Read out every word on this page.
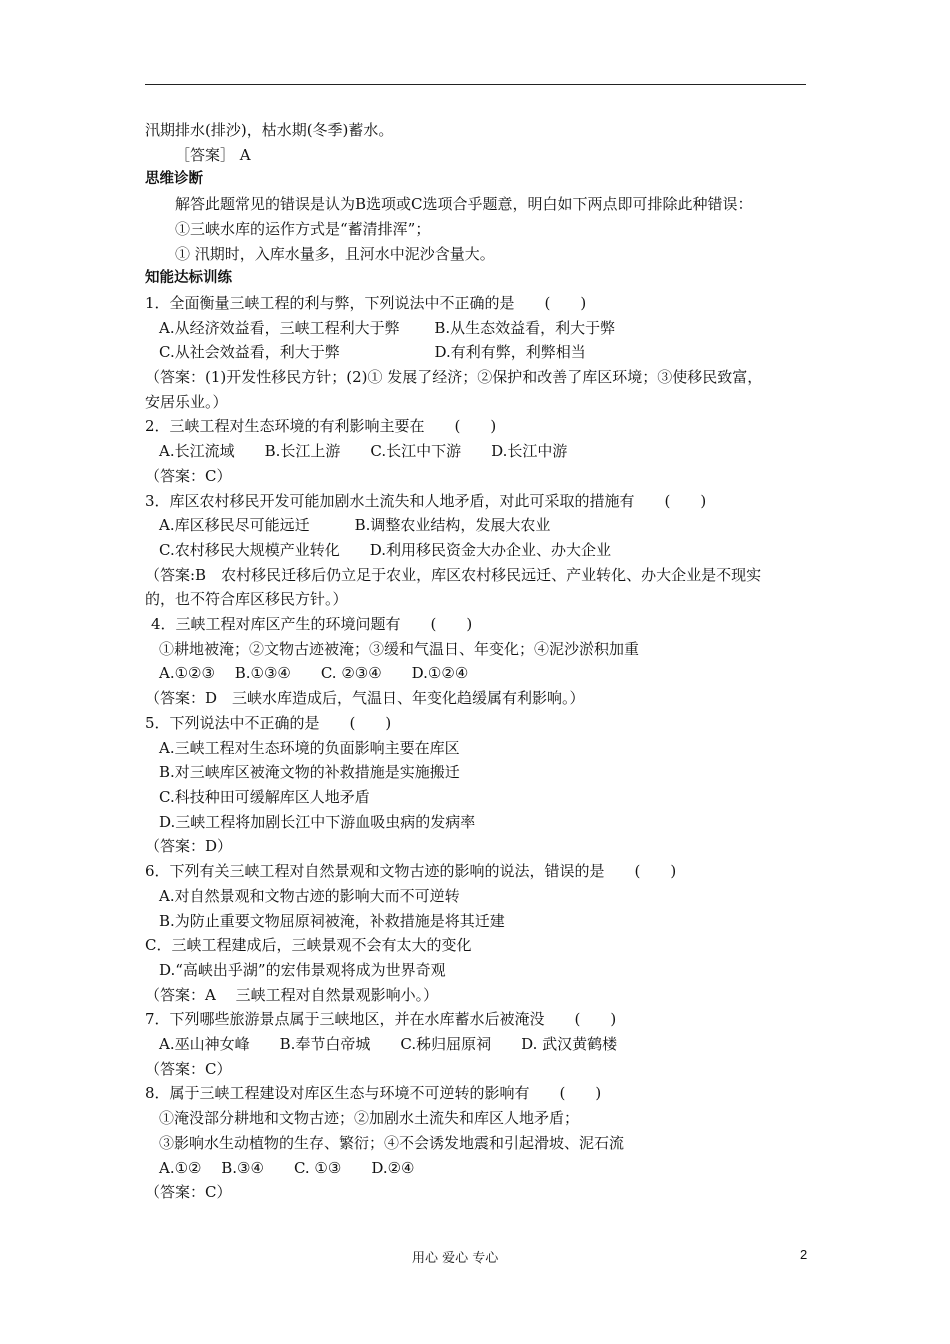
汛期排水(排沙)，枯水期(冬季)蓄水。
［答案］ A
思维诊断
解答此题常见的错误是认为B选项或C选项合乎题意，明白如下两点即可排除此种错误：
①三峡水库的运作方式是“蓄清排浑”；
① 汛期时，入库水量多，且河水中泥沙含量大。
知能达标训练
1．全面衡量三峡工程的利与弊，下列说法中不正确的是　　(　　)
A.从经济效益看，三峡工程利大于弊　　 B.从生态效益看，利大于弊
C.从社会效益看，利大于弊　　　　　　 D.有利有弊，利弊相当
（答案：(1)开发性移民方针；(2)① 发展了经济；②保护和改善了库区环境；③使移民致富，
安居乐业。）
2．三峡工程对生态环境的有利影响主要在　　(　　)
A.长江流域　　B.长江上游　　C.长江中下游　　D.长江中游
（答案：C）
3．库区农村移民开发可能加剧水土流失和人地矛盾，对此可采取的措施有　　(　　)
A.库区移民尽可能远迁　　　B.调整农业结构，发展大农业
C.农村移民大规模产业转化　　D.利用移民资金大办企业、办大企业
（答案:B　农村移民迁移后仍立足于农业，库区农村移民远迁、产业转化、办大企业是不现实
的，也不符合库区移民方针。）
4．三峡工程对库区产生的环境问题有　　(　　)
①耕地被淹；②文物古迹被淹；③缓和气温日、年变化；④泥沙淤积加重
A.①②③　 B.①③④　　C. ②③④　　D.①②④
（答案：D　三峡水库造成后，气温日、年变化趋缓属有利影响。）
5．下列说法中不正确的是　　(　　)
A.三峡工程对生态环境的负面影响主要在库区
B.对三峡库区被淹文物的补救措施是实施搬迁
C.科技种田可缓解库区人地矛盾
D.三峡工程将加剧长江中下游血吸虫病的发病率
（答案：D）
6．下列有关三峡工程对自然景观和文物古迹的影响的说法，错误的是　　(　　)
A.对自然景观和文物古迹的影响大而不可逆转
B.为防止重要文物屈原祠被淹，补救措施是将其迁建
C．三峡工程建成后，三峡景观不会有太大的变化
D.“高峡出乎湖”的宏伟景观将成为世界奇观
（答案：A　 三峡工程对自然景观影响小。）
7．下列哪些旅游景点属于三峡地区，并在水库蓄水后被淹没　　(　　)
A.巫山神女峰　　B.奉节白帝城　　C.秭归屈原祠　　D. 武汉黄鹤楼
（答案：C）
8．属于三峡工程建设对库区生态与环境不可逆转的影响有　　(　　)
①淹没部分耕地和文物古迹；②加剧水土流失和库区人地矛盾；
③影响水生动植物的生存、繁衍；④不会诱发地震和引起滑坡、泥石流
A.①②　 B.③④　　C. ①③　　D.②④
（答案：C）
用心 爱心 专心	2
